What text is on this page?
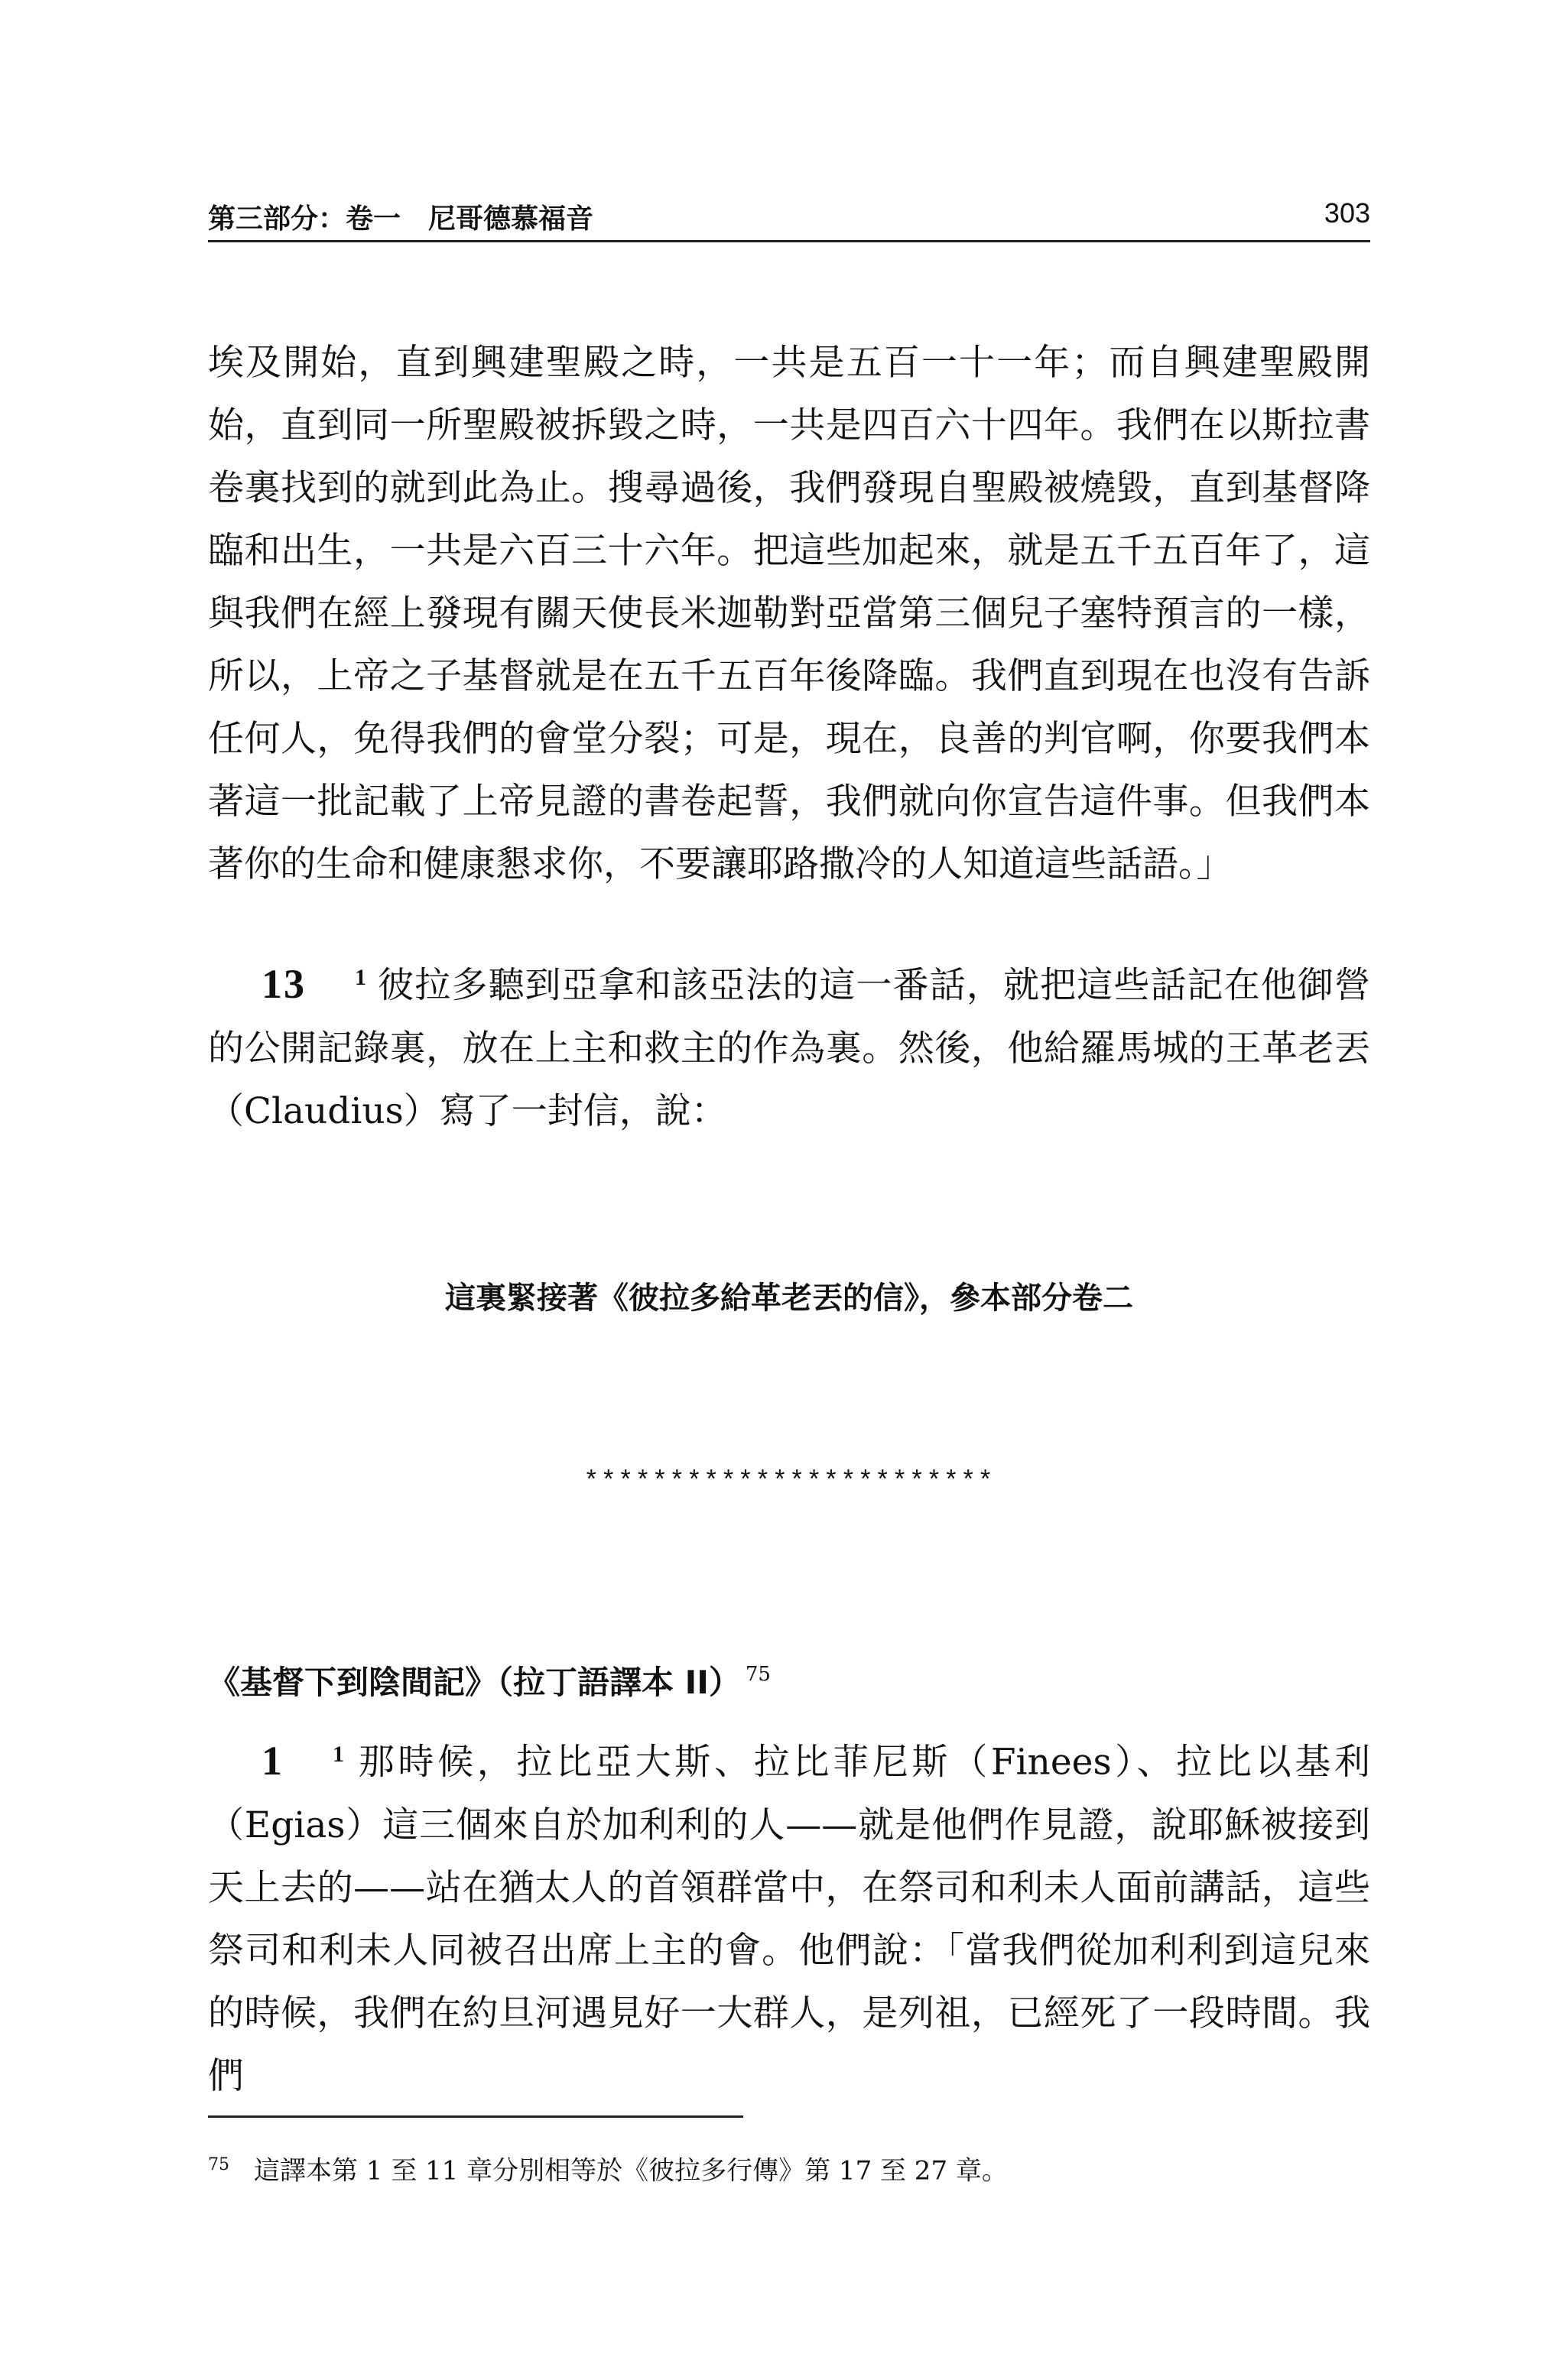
第三部分：卷一　尼哥德慕福音	303
埃及開始，直到興建聖殿之時，一共是五百一十一年；而自興建聖殿開始，直到同一所聖殿被拆毀之時，一共是四百六十四年。我們在以斯拉書卷裏找到的就到此為止。搜尋過後，我們發現自聖殿被燒毀，直到基督降臨和出生，一共是六百三十六年。把這些加起來，就是五千五百年了，這與我們在經上發現有關天使長米迦勒對亞當第三個兒子塞特預言的一樣，所以，上帝之子基督就是在五千五百年後降臨。我們直到現在也沒有告訴任何人，免得我們的會堂分裂；可是，現在，良善的判官啊，你要我們本著這一批記載了上帝見證的書卷起誓，我們就向你宣告這件事。但我們本著你的生命和健康懇求你，不要讓耶路撒冷的人知道這些話語。」
13 $^1$ 彼拉多聽到亞拿和該亞法的這一番話，就把這些話記在他御營的公開記錄裏，放在上主和救主的作為裏。然後，他給羅馬城的王革老丟（Claudius）寫了一封信，說：
這裏緊接著《彼拉多給革老丟的信》，參本部分卷二
************************
《基督下到陰間記》（拉丁語譯本 II） $^{75}$
1 $^1$ 那時候，拉比亞大斯、拉比菲尼斯（Finees）、拉比以基利（Egias）這三個來自於加利利的人——就是他們作見證，說耶穌被接到天上去的——站在猶太人的首領群當中，在祭司和利未人面前講話，這些祭司和利未人同被召出席上主的會。他們說：「當我們從加利利到這兒來的時候，我們在約旦河遇見好一大群人，是列祖，已經死了一段時間。我們
75 這譯本第 1 至 11 章分別相等於《彼拉多行傳》第 17 至 27 章。
